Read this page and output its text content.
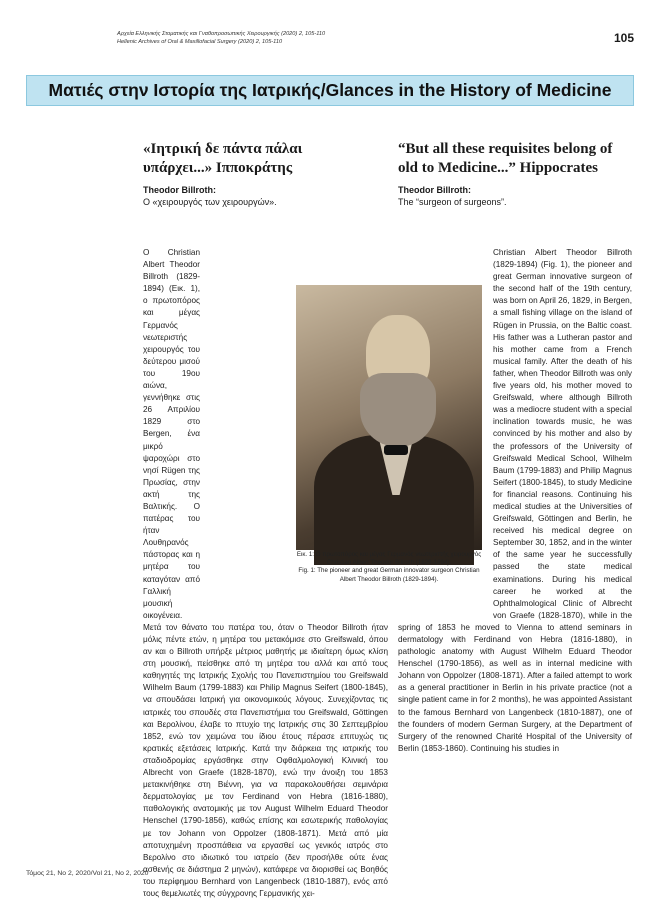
Αρχεία Ελληνικής Στοματικής και Γναθοπροσωπικής Χειρουργικής (2020) 2, 105-110
Hellenic Archives of Oral & Maxillofacial Surgery (2020) 2, 105-110	105
Ματιές στην Ιστορία της Ιατρικής/Glances in the History of Medicine

«Ιητρική δε πάντα πάλαι υπάρχει...» Ιπποκράτης

Theodor Billroth:
Ο «χειρουργός των χειρουργών».

“But all these requisites belong of old to Medicine...” Hippocrates

Theodor Billroth:
The “surgeon of surgeons”.

Ο Christian Albert Theodor Billroth (1829-1894) (Εικ. 1), ο πρωτοπόρος και μέγας Γερμανός νεωτεριστής χειρουργός του δεύτερου μισού του 19ου αιώνα, γεννήθηκε στις 26 Απριλίου 1829 στο Bergen, ένα μικρό ψαροχώρι στο νησί Rügen της Πρωσίας, στην ακτή της Βαλτικής. Ο πατέρας του ήταν Λουθηρανός πάστορας και η μητέρα του καταγόταν από Γαλλική μουσική οικογένεια. Μετά τον θάνατο του πατέρα του, όταν ο Theodor Billroth ήταν μόλις πέντε ετών, η μητέρα του μετακόμισε στο Greifswald, όπου αν και ο Billroth υπήρξε μέτριος μαθητής με ιδιαίτερη όμως κλίση στη μουσική, πείσθηκε από τη μητέρα του αλλά και από τους καθηγητές της Ιατρικής Σχολής του Πανεπιστημίου του Greifswald Wilhelm Baum (1799-1883) και Philip Magnus Seifert (1800-1845), να σπουδάσει Ιατρική για οικονομικούς λόγους. Συνεχίζοντας τις ιατρικές του σπουδές στα Πανεπιστήμια του Greifswald, Göttingen και Βερολίνου, έλαβε το πτυχίο της Ιατρικής στις 30 Σεπτεμβρίου 1852, ενώ τον χειμώνα του ίδιου έτους πέρασε επιτυχώς τις κρατικές εξετάσεις Ιατρικής. Κατά την διάρκεια της ιατρικής του σταδιοδρομίας εργάσθηκε στην Οφθαλμολογική Κλινική του Albrecht von Graefe (1828-1870), ενώ την άνοιξη του 1853 μετακινήθηκε στη Βιέννη, για να παρακολουθήσει σεμινάρια δερματολογίας με τον Ferdinand von Hebra (1816-1880), παθολογικής ανατομικής με τον August Wilhelm Eduard Theodor Henschel (1790-1856), καθώς επίσης και εσωτερικής παθολογίας με τον Johann von Oppolzer (1808-1871). Μετά από μία αποτυχημένη προσπάθεια να εργασθεί ως γενικός ιατρός στο Βερολίνο στο ιδιωτικό του ιατρείο (δεν προσήλθε ούτε ένας ασθενής σε διάστημα 2 μηνών), κατάφερε να διορισθεί ως Βοηθός του περίφημου Bernhard von Langenbeck (1810-1887), ενός από τους θεμελιωτές της σύγχρονης Γερμανικής χει-

Christian Albert Theodor Billroth (1829-1894) (Fig. 1), the pioneer and great German innovative surgeon of the second half of the 19th century, was born on April 26, 1829, in Bergen, a small fishing village on the island of Rügen in Prussia, on the Baltic coast. His father was a Lutheran pastor and his mother came from a French musical family. After the death of his father, when Theodor Billroth was only five years old, his mother moved to Greifswald, where although Billroth was a mediocre student with a special inclination towards music, he was convinced by his mother and also by the professors of the University of Greifswald Medical School, Wilhelm Baum (1799-1883) and Philip Magnus Seifert (1800-1845), to study Medicine for financial reasons. Continuing his medical studies at the Universities of Greifswald, Göttingen and Berlin, he received his medical degree on September 30, 1852, and in the winter of the same year he successfully passed the state medical examinations. During his medical career he worked at the Ophthalmological Clinic of Albrecht von Graefe (1828-1870), while in the spring of 1853 he moved to Vienna to attend seminars in dermatology with Ferdinand von Hebra (1816-1880), in pathologic anatomy with August Wilhelm Eduard Theodor Henschel (1790-1856), as well as in internal medicine with Johann von Oppolzer (1808-1871). After a failed attempt to work as a general practitioner in Berlin in his private practice (not a single patient came in for 2 months), he was appointed Assistant to the famous Bernhard von Langenbeck (1810-1887), one of the founders of modern German Surgery, at the Department of Surgery of the renowned Charité Hospital of the University of Berlin (1853-1860). Continuing his studies in

Εικ. 1: Ο πρωτοπόρος και μέγας Γερμανός νεωτεριστής χειρουργός Christian Albert Theodor Billroth (1829-1894).
Fig. 1: The pioneer and great German innovator surgeon Christian Albert Theodor Billroth (1829-1894).
Τόμος 21, No 2, 2020/Vol 21, No 2, 2020
